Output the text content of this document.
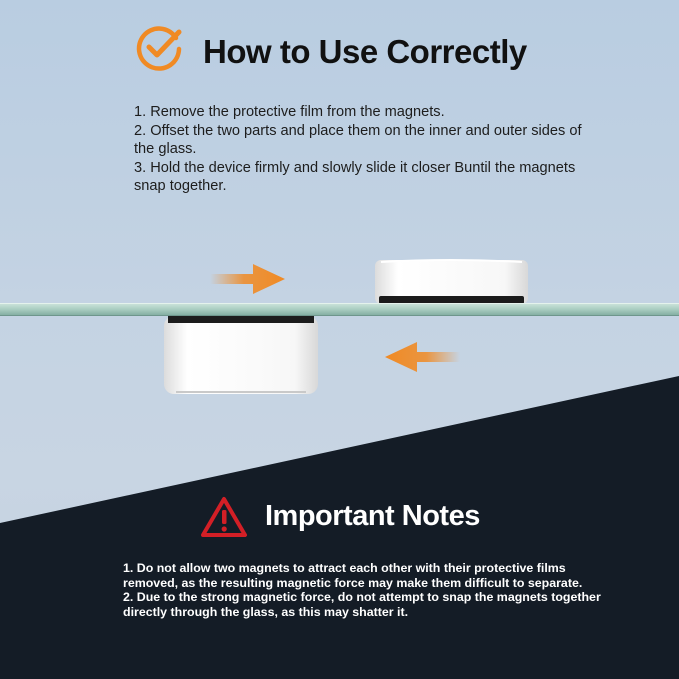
How to Use Correctly

1. Remove the protective film from the magnets.

2. Offset the two parts and place them on the inner and outer sides of the glass.

3. Hold the device firmly and slowly slide it closer Buntil the magnets snap together.

Important Notes

1. Do not allow two magnets to attract each other with their protective films removed, as the resulting magnetic force may make them difficult to separate.

2. Due to the strong magnetic force, do not attempt to snap the magnets together directly through the glass, as this may shatter it.
